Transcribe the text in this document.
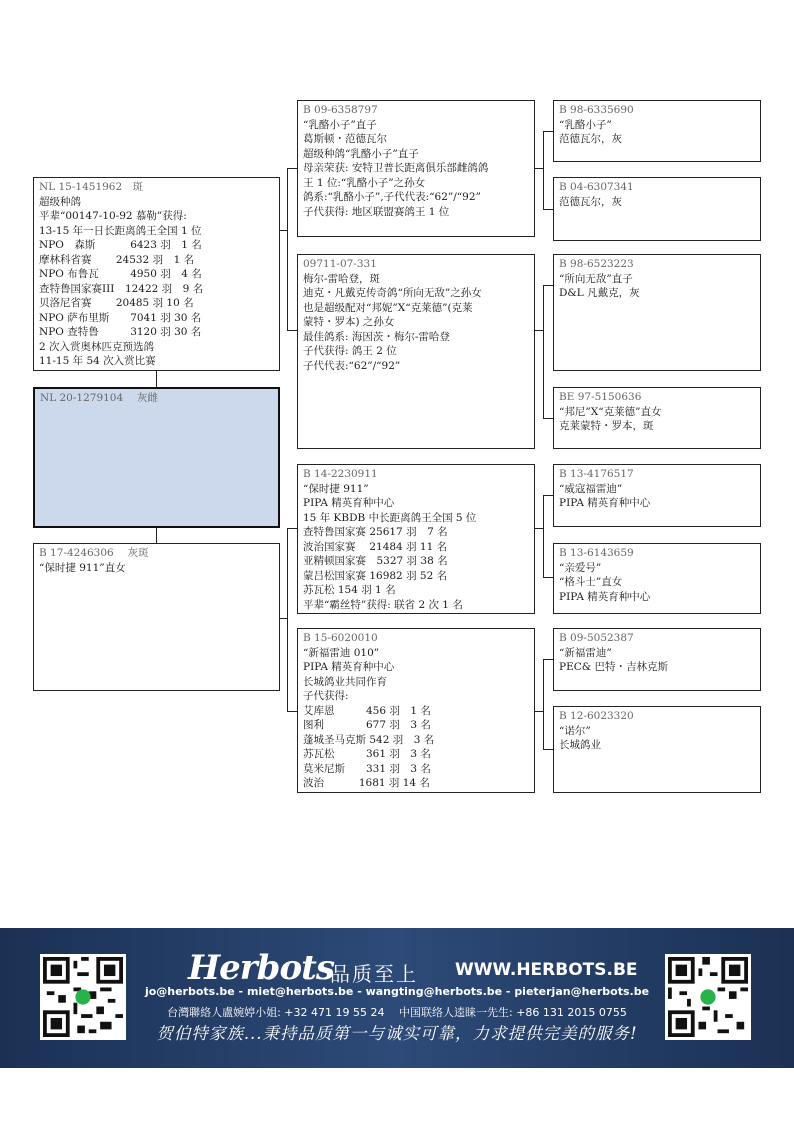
NL 15-1451962　斑
超级种鸽
平辈“00147-10-92 慕勒”获得:
13-15 年一日长距离鸽王全国 1 位
NPO　森斯　　　 6423 羽　1 名
摩林科省赛　　 24532 羽　1 名
NPO 布鲁瓦　　　4950 羽　4 名
查特鲁国家赛III　12422 羽　9 名
贝洛尼省赛　　 20485 羽 10 名
NPO 萨布里斯　　7041 羽 30 名
NPO 查特鲁　　　3120 羽 30 名
2 次入赏奥林匹克预选鸽
11-15 年 54 次入赏比赛
NL 20-1279104　 灰雌
B 17-4246306　 灰斑
“保时捷 911”直女
B 09-6358797
“乳酪小子”直子
葛斯顿・范德瓦尔
超级种鸽“乳酪小子”直子
母亲荣获: 安特卫普长距离俱乐部雌鸽鸽
王 1 位:“乳酪小子”之孙女
鸽系:“乳酪小子”,子代代表:“62”/“92”
子代获得: 地区联盟赛鸽王 1 位
09711-07-331
梅尔-雷哈登，斑
迪克・凡戴克传奇鸽“所向无敌”之孙女
也是超级配对“邦妮”X“克莱德”(克莱
蒙特・罗本) 之孙女
最佳鸽系: 海因茨・梅尔-雷哈登
子代获得: 鸽王 2 位
子代代表:“62”/“92”
B 14-2230911
“保时捷 911”
PIPA 精英育种中心
15 年 KBDB 中长距离鸽王全国 5 位
查特鲁国家赛 25617 羽　7 名
波治国家赛　 21484 羽 11 名
亚精顿国家赛　5327 羽 38 名
蒙吕松国家赛 16982 羽 52 名
苏瓦松 154 羽 1 名
平辈“霸丝特”获得: 联省 2 次 1 名
B 15-6020010
“新福雷迪 010”
PIPA 精英育种中心
长城鸽业共同作育
子代获得:
艾库恩　　　456 羽　1 名
图利　　　　677 羽　3 名
蓬城圣马克斯 542 羽　3 名
苏瓦松　　　361 羽　3 名
莫米尼斯　　331 羽　3 名
波治　　　 1681 羽 14 名
B 98-6335690
“乳酪小子”
范德瓦尔，灰
B 04-6307341
范德瓦尔，灰
B 98-6523223
“所向无敌”直子
D&L 凡戴克，灰
BE 97-5150636
“邦尼”X“克莱德”直女
克莱蒙特・罗本，斑
B 13-4176517
“威寇福雷迪”
PIPA 精英育种中心
B 13-6143659
“亲爱号”
“格斗士”直女
PIPA 精英育种中心
B 09-5052387
“新福雷迪”
PEC& 巴特・吉林克斯
B 12-6023320
“诺尔”
长城鸽业
Herbots
品质至上 WWW.HERBOTS.BE
jo@herbots.be - miet@herbots.be - wangting@herbots.be - pieterjan@herbots.be
台灣聯絡人盧婉婷小姐: +32 471 19 55 24　 中国联络人逵睐一先生: +86 131 2015 0755
贺伯特家族...秉持品质第一与诚实可靠，力求提供完美的服务!
